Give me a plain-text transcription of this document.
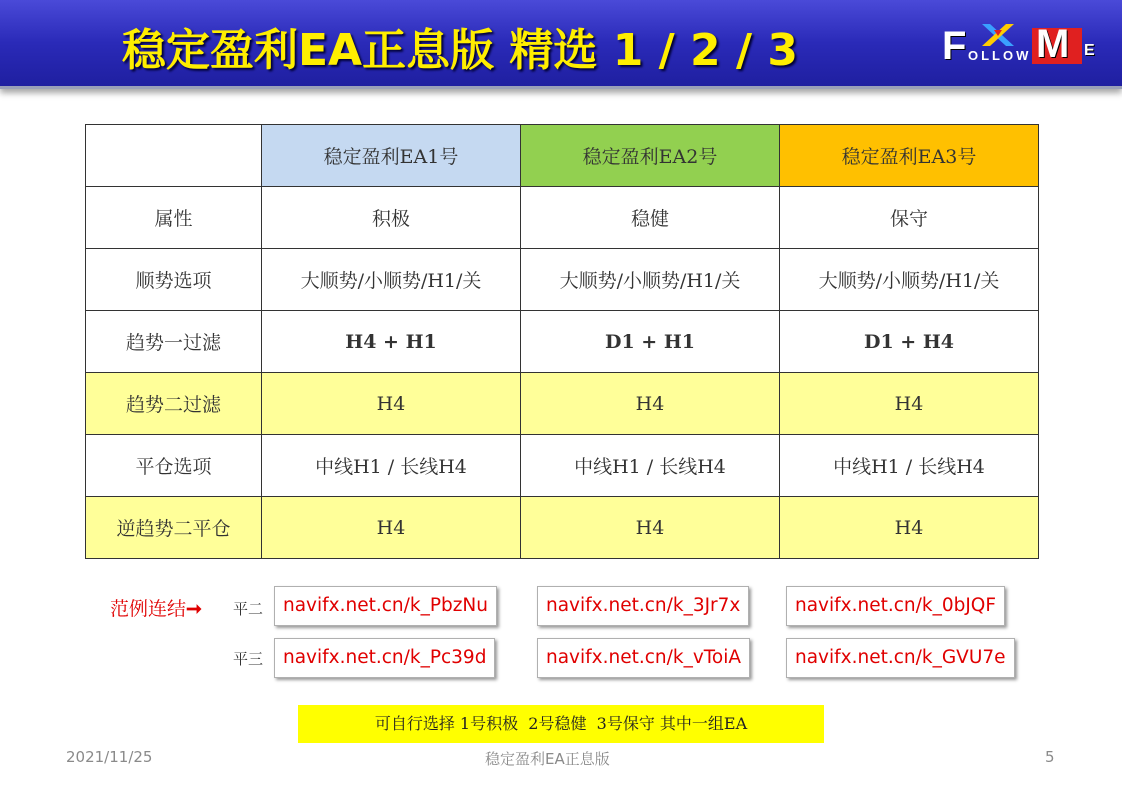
稳定盈利EA正息版 精选 1 / 2 / 3	F OLLOW M E
	稳定盈利EA1号	稳定盈利EA2号	稳定盈利EA3号
属性	积极	稳健	保守
顺势选项	大顺势/小顺势/H1/关	大顺势/小顺势/H1/关	大顺势/小顺势/H1/关
趋势一过滤	H4 + H1	D1 + H1	D1 + H4
趋势二过滤	H4	H4	H4
平仓选项	中线H1 / 长线H4	中线H1 / 长线H4	中线H1 / 长线H4
逆趋势二平仓	H4	H4	H4
范例连结➞ 平二
平三
navifx.net.cn/k_PbzNu	navifx.net.cn/k_3Jr7x	navifx.net.cn/k_0bJQF
navifx.net.cn/k_Pc39d	navifx.net.cn/k_vToiA	navifx.net.cn/k_GVU7e
可自行选择 1号积极  2号稳健  3号保守 其中一组EA
2021/11/25	稳定盈利EA正息版	5
